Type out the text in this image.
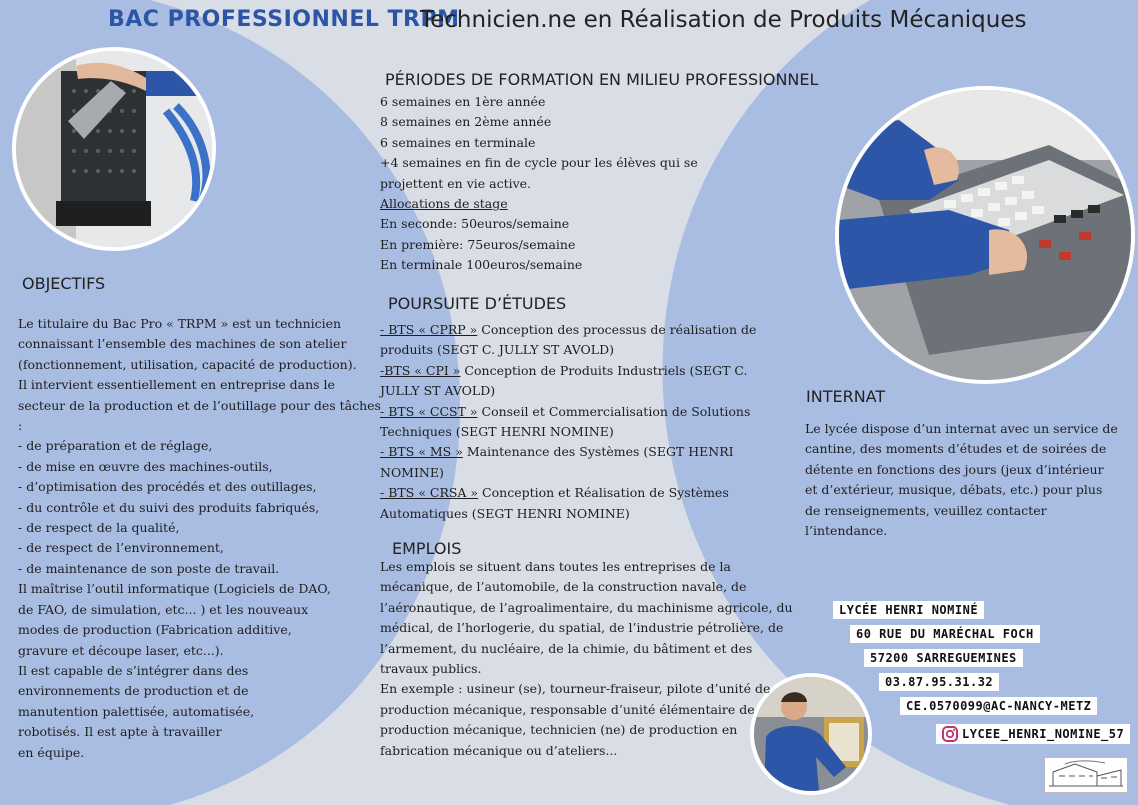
BAC PROFESSIONNEL TRPM
Technicien.ne en Réalisation de Produits Mécaniques
OBJECTIFS
Le titulaire du Bac Pro « TRPM » est un technicien
connaissant l’ensemble des machines de son atelier
(fonctionnement, utilisation, capacité de production).
Il intervient essentiellement en entreprise dans le
secteur de la production et de l’outillage pour des tâches
:
- de préparation et de réglage,
- de mise en œuvre des machines-outils,
- d’optimisation des procédés et des outillages,
- du contrôle et du suivi des produits fabriqués,
- de respect de la qualité,
- de respect de l’environnement,
- de maintenance de son poste de travail.
Il maîtrise l’outil informatique (Logiciels de DAO,
de FAO, de simulation, etc... ) et les nouveaux
modes de production (Fabrication additive,
gravure et découpe laser, etc...).
Il est capable de s’intégrer dans des
environnements de production et de
manutention palettisée, automatisée,
robotisés. Il est apte à travailler
en équipe.
PÉRIODES DE FORMATION EN MILIEU PROFESSIONNEL
6 semaines en 1ère année
8 semaines en 2ème année
6 semaines en terminale
+4 semaines en fin de cycle pour les élèves qui se
projettent en vie active.
Allocations de stage
En seconde: 50euros/semaine
En première: 75euros/semaine
En terminale 100euros/semaine
POURSUITE D’ÉTUDES
- BTS « CPRP » Conception des processus de réalisation de
produits (SEGT C. JULLY ST AVOLD)
-BTS « CPI » Conception de Produits Industriels (SEGT C.
JULLY ST AVOLD)
- BTS « CCST » Conseil et Commercialisation de Solutions
Techniques (SEGT HENRI NOMINE)
- BTS « MS » Maintenance des Systèmes (SEGT HENRI
NOMINE)
- BTS « CRSA » Conception et Réalisation de Systèmes
Automatiques (SEGT HENRI NOMINE)
EMPLOIS
Les emplois se situent dans toutes les entreprises de la
mécanique, de l’automobile, de la construction navale, de
l’aéronautique, de l’agroalimentaire, du machinisme agricole, du
médical, de l’horlogerie, du spatial, de l’industrie pétrolière, de
l’armement, du nucléaire, de la chimie, du bâtiment et des
travaux publics.
En exemple : usineur (se), tourneur-fraiseur, pilote d’unité de
production mécanique, responsable d’unité élémentaire de
production mécanique, technicien (ne) de production en
fabrication mécanique ou d’ateliers...
INTERNAT
Le lycée dispose d’un internat avec un service de
cantine, des moments d’études et de soirées de
détente en fonctions des jours (jeux d’intérieur
et d’extérieur, musique, débats, etc.) pour plus
de renseignements, veuillez contacter
l’intendance.
LYCÉE HENRI NOMINÉ
60 RUE DU MARÉCHAL FOCH
57200 SARREGUEMINES
03.87.95.31.32
CE.0570099@AC-NANCY-METZ
LYCEE_HENRI_NOMINE_57
